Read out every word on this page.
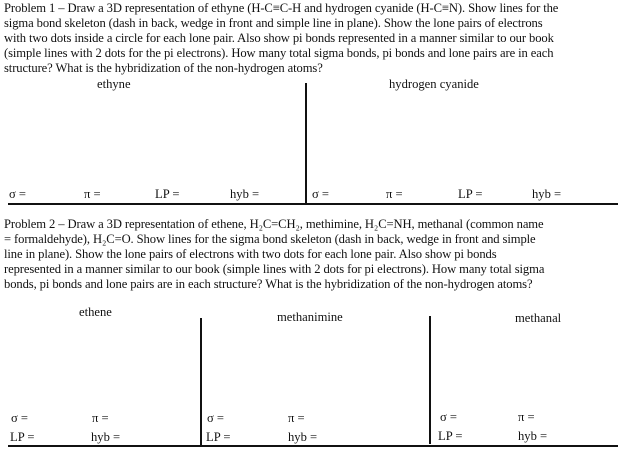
Problem 1 – Draw a 3D representation of ethyne (H-C≡C-H and hydrogen cyanide (H-C≡N). Show lines for the
sigma bond skeleton (dash in back, wedge in front and simple line in plane). Show the lone pairs of electrons
with two dots inside a circle for each lone pair. Also show pi bonds represented in a manner similar to our book
(simple lines with 2 dots for the pi electrons). How many total sigma bonds, pi bonds and lone pairs are in each
structure? What is the hybridization of the non-hydrogen atoms?
ethyne	hydrogen cyanide
σ =	π =	LP =	hyb =	σ =	π =	LP =	hyb =
Problem 2 – Draw a 3D representation of ethene, H₂C=CH₂, methimine, H₂C=NH, methanal (common name
= formaldehyde), H₂C=O. Show lines for the sigma bond skeleton (dash in back, wedge in front and simple
line in plane). Show the lone pairs of electrons with two dots for each lone pair. Also show pi bonds
represented in a manner similar to our book (simple lines with 2 dots for pi electrons). How many total sigma
bonds, pi bonds and lone pairs are in each structure? What is the hybridization of the non-hydrogen atoms?
ethene	methanimine	methanal
σ =	π =
LP =	hyb =
σ =	π =
LP =	hyb =
σ =	π =
LP =	hyb =
